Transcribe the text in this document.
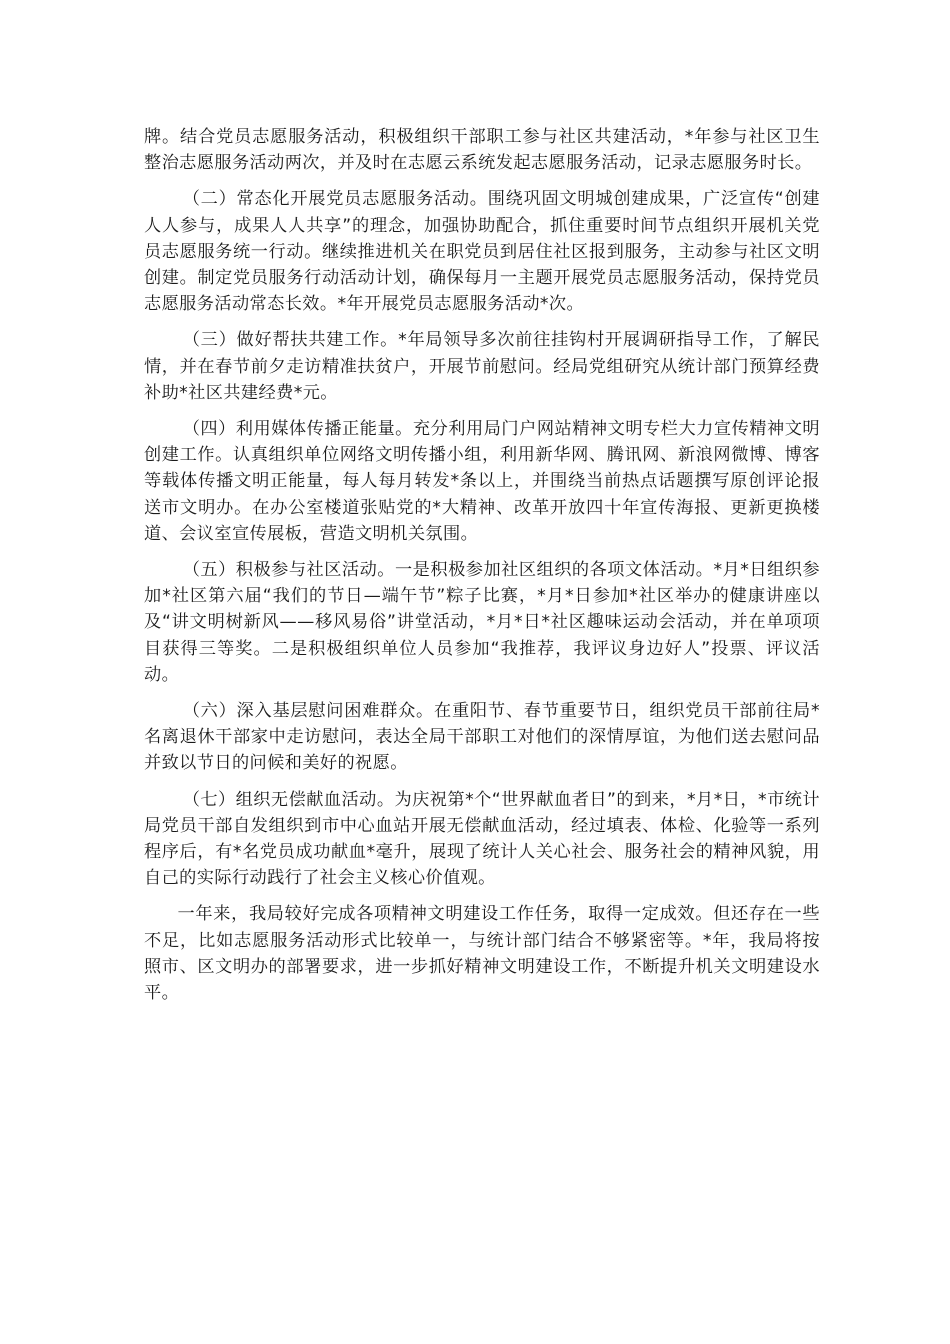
牌。结合党员志愿服务活动，积极组织干部职工参与社区共建活动，*年参与社区卫生整治志愿服务活动两次，并及时在志愿云系统发起志愿服务活动，记录志愿服务时长。

（二）常态化开展党员志愿服务活动。围绕巩固文明城创建成果，广泛宣传“创建人人参与，成果人人共享”的理念，加强协助配合，抓住重要时间节点组织开展机关党员志愿服务统一行动。继续推进机关在职党员到居住社区报到服务，主动参与社区文明创建。制定党员服务行动活动计划，确保每月一主题开展党员志愿服务活动，保持党员志愿服务活动常态长效。*年开展党员志愿服务活动*次。

（三）做好帮扶共建工作。*年局领导多次前往挂钩村开展调研指导工作，了解民情，并在春节前夕走访精准扶贫户，开展节前慰问。经局党组研究从统计部门预算经费补助*社区共建经费*元。

（四）利用媒体传播正能量。充分利用局门户网站精神文明专栏大力宣传精神文明创建工作。认真组织单位网络文明传播小组，利用新华网、腾讯网、新浪网微博、博客等载体传播文明正能量，每人每月转发*条以上，并围绕当前热点话题撰写原创评论报送市文明办。在办公室楼道张贴党的*大精神、改革开放四十年宣传海报、更新更换楼道、会议室宣传展板，营造文明机关氛围。

（五）积极参与社区活动。一是积极参加社区组织的各项文体活动。*月*日组织参加*社区第六届“我们的节日—端午节”粽子比赛，*月*日参加*社区举办的健康讲座以及“讲文明树新风——移风易俗”讲堂活动，*月*日*社区趣味运动会活动，并在单项项目获得三等奖。二是积极组织单位人员参加“我推荐，我评议身边好人”投票、评议活动。

（六）深入基层慰问困难群众。在重阳节、春节重要节日，组织党员干部前往局*名离退休干部家中走访慰问，表达全局干部职工对他们的深情厚谊，为他们送去慰问品并致以节日的问候和美好的祝愿。

（七）组织无偿献血活动。为庆祝第*个“世界献血者日”的到来，*月*日，*市统计局党员干部自发组织到市中心血站开展无偿献血活动，经过填表、体检、化验等一系列程序后，有*名党员成功献血*毫升，展现了统计人关心社会、服务社会的精神风貌，用自己的实际行动践行了社会主义核心价值观。

一年来，我局较好完成各项精神文明建设工作任务，取得一定成效。但还存在一些不足，比如志愿服务活动形式比较单一，与统计部门结合不够紧密等。*年，我局将按照市、区文明办的部署要求，进一步抓好精神文明建设工作，不断提升机关文明建设水平。
